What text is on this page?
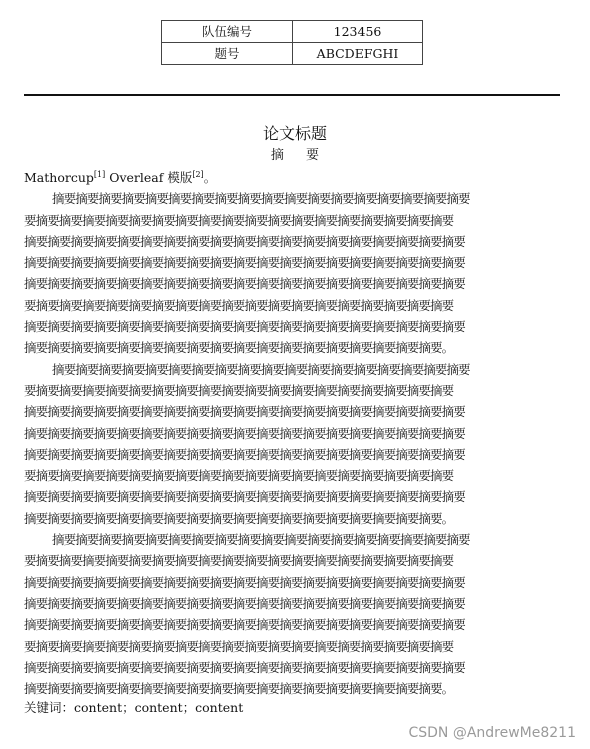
队伍编号	123456
题号	ABCDEFGHI
论文标题
摘 要
Mathorcup[1] Overleaf 模版[2]。
摘要摘要摘要摘要摘要摘要摘要摘要摘要摘要摘要摘要摘要摘要摘要摘要摘要摘要
要摘要摘要摘要摘要摘要摘要摘要摘要摘要摘要摘要摘要摘要摘要摘要摘要摘要摘要
摘要摘要摘要摘要摘要摘要摘要摘要摘要摘要摘要摘要摘要摘要摘要摘要摘要摘要摘要
摘要摘要摘要摘要摘要摘要摘要摘要摘要摘要摘要摘要摘要摘要摘要摘要摘要摘要摘要
摘要摘要摘要摘要摘要摘要摘要摘要摘要摘要摘要摘要摘要摘要摘要摘要摘要摘要摘要
要摘要摘要摘要摘要摘要摘要摘要摘要摘要摘要摘要摘要摘要摘要摘要摘要摘要摘要
摘要摘要摘要摘要摘要摘要摘要摘要摘要摘要摘要摘要摘要摘要摘要摘要摘要摘要摘要
摘要摘要摘要摘要摘要摘要摘要摘要摘要摘要摘要摘要摘要摘要摘要摘要摘要摘要。
摘要摘要摘要摘要摘要摘要摘要摘要摘要摘要摘要摘要摘要摘要摘要摘要摘要摘要
要摘要摘要摘要摘要摘要摘要摘要摘要摘要摘要摘要摘要摘要摘要摘要摘要摘要摘要
摘要摘要摘要摘要摘要摘要摘要摘要摘要摘要摘要摘要摘要摘要摘要摘要摘要摘要摘要
摘要摘要摘要摘要摘要摘要摘要摘要摘要摘要摘要摘要摘要摘要摘要摘要摘要摘要摘要
摘要摘要摘要摘要摘要摘要摘要摘要摘要摘要摘要摘要摘要摘要摘要摘要摘要摘要摘要
要摘要摘要摘要摘要摘要摘要摘要摘要摘要摘要摘要摘要摘要摘要摘要摘要摘要摘要
摘要摘要摘要摘要摘要摘要摘要摘要摘要摘要摘要摘要摘要摘要摘要摘要摘要摘要摘要
摘要摘要摘要摘要摘要摘要摘要摘要摘要摘要摘要摘要摘要摘要摘要摘要摘要摘要。
摘要摘要摘要摘要摘要摘要摘要摘要摘要摘要摘要摘要摘要摘要摘要摘要摘要摘要
要摘要摘要摘要摘要摘要摘要摘要摘要摘要摘要摘要摘要摘要摘要摘要摘要摘要摘要
摘要摘要摘要摘要摘要摘要摘要摘要摘要摘要摘要摘要摘要摘要摘要摘要摘要摘要摘要
摘要摘要摘要摘要摘要摘要摘要摘要摘要摘要摘要摘要摘要摘要摘要摘要摘要摘要摘要
摘要摘要摘要摘要摘要摘要摘要摘要摘要摘要摘要摘要摘要摘要摘要摘要摘要摘要摘要
要摘要摘要摘要摘要摘要摘要摘要摘要摘要摘要摘要摘要摘要摘要摘要摘要摘要摘要
摘要摘要摘要摘要摘要摘要摘要摘要摘要摘要摘要摘要摘要摘要摘要摘要摘要摘要摘要
摘要摘要摘要摘要摘要摘要摘要摘要摘要摘要摘要摘要摘要摘要摘要摘要摘要摘要。
关键词：content；content；content
CSDN @AndrewMe8211
